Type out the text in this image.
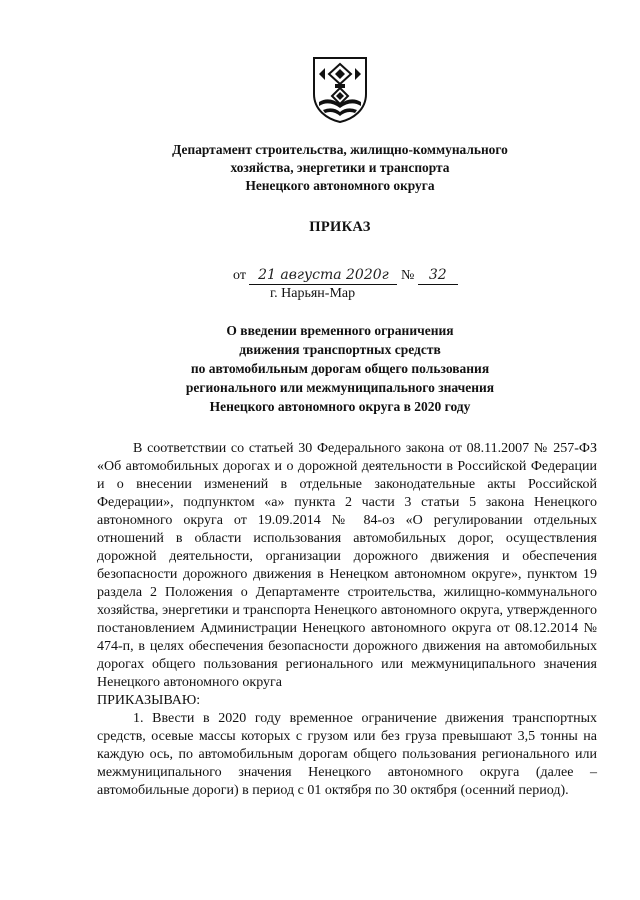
Департамент строительства, жилищно-коммунального
хозяйства, энергетики и транспорта
Ненецкого автономного округа
ПРИКАЗ
от 21 августа 2020г № 32
г. Нарьян-Мар
О введении временного ограничения
движения транспортных средств
по автомобильным дорогам общего пользования
регионального или межмуниципального значения
Ненецкого автономного округа в 2020 году

В соответствии со статьей 30 Федерального закона от 08.11.2007 № 257-ФЗ «Об автомобильных дорогах и о дорожной деятельности в Российской Федерации и о внесении изменений в отдельные законодательные акты Российской Федерации», подпунктом «а» пункта 2 части 3 статьи 5 закона Ненецкого автономного округа от 19.09.2014 № 84-оз «О регулировании отдельных отношений в области использования автомобильных дорог, осуществления дорожной деятельности, организации дорожного движения и обеспечения безопасности дорожного движения в Ненецком автономном округе», пунктом 19 раздела 2 Положения о Департаменте строительства, жилищно-коммунального хозяйства, энергетики и транспорта Ненецкого автономного округа, утвержденного постановлением Администрации Ненецкого автономного округа от 08.12.2014 № 474-п, в целях обеспечения безопасности дорожного движения на автомобильных дорогах общего пользования регионального или межмуниципального значения Ненецкого автономного округа

ПРИКАЗЫВАЮ:

1. Ввести в 2020 году временное ограничение движения транспортных средств, осевые массы которых с грузом или без груза превышают 3,5 тонны на каждую ось, по автомобильным дорогам общего пользования регионального или межмуниципального значения Ненецкого автономного округа (далее – автомобильные дороги) в период с 01 октября по 30 октября (осенний период).
